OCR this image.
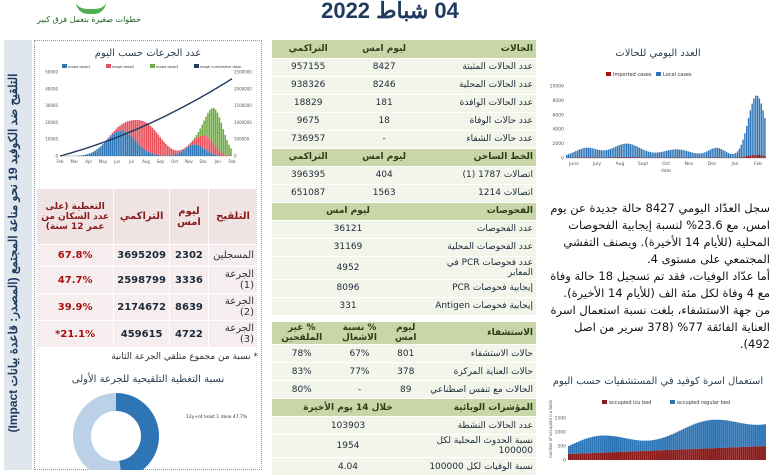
خطوات صغيرة بتعمل فرق كبير	04 شباط 2022
التلقيح ضد الكوفيد 19 نحو مناعة المجتمع (المصدر: قاعدة بيانات Impact)
عدد الجرعات حسب اليوم
moph dose1	moph dose2	moph dose3	moph cumulative dose
0
10000
20000
30000
40000
50000
0
500000
1000000
1500000
2000000
2500000
Feb Mar Apr May Jun Jul Aug Sep Oct Nov Dec Jan Feb
التلقيح	ليوم امس	التراكمي	التغطية (على عدد السكان من عمر 12 سنة)
المسجلين	2302	3695209	67.8%
الجرعة (1)	3336	2598799	47.7%
الجرعة (2)	8639	2174672	39.9%
الجرعة (3)	4722	459615	21.1%*
* نسبة من مجموع متلقي الجرعة الثانية
نسبة التغطية التلقيحية للجرعة الأولى
12y+at least 1 dose 47.7%
الحالات	ليوم امس	التراكمي
عدد الحالات المثبتة	8427	957155
عدد الحالات المحلية	8246	938326
عدد الحالات الوافدة	181	18829
عدد حالات الوفاة	18	9675
عدد حالات الشفاء	-	736957
الخط الساخن	ليوم امس	التراكمي
اتصالات 1787 (1)	404	396395
اتصالات 1214	1563	651087
الفحوصات	ليوم امس	
عدد الفحوصات	36121	
عدد الفحوصات المحلية	31169	
عدد فحوصات PCR في المعابر	4952	
إيجابية فحوصات PCR	8096	
إيجابية فحوصات Antigen	331	
الاستشفاء	ليوم امس	% نسبة الاشغال	% غير الملقحين
حالات الاستشفاء	801	67%	78%
حالات العناية المركزة	378	77%	83%
الحالات مع تنفس اصطناعي	89	-	80%
المؤشرات الوبائية	خلال 14 يوم الأخيرة		
عدد الحالات النشطة	103903		
نسبة الحدوث المحلية لكل 100000	1954		
نسبة الوفيات لكل 100000	4.04		
العدد اليومي للحالات
Imported cases Local cases
0
2000
4000
6000
8000
10000
June	July	Aug	Sept	Oct	Nov	Dec	Jan	Feb
date

سجل العدّاد اليومي 8427 حالة جديدة عن يوم امس، مع 23.6% لنسبة إيجابية الفحوصات المحلية (للأيام 14 الأخيرة). ويصنف التفشي المجتمعي على مستوى 4.

أما عدّاد الوفيات، فقد تم تسجيل 18 حالة وفاة مع 4 وفاة لكل مئة الف (للأيام 14 الأخيرة).

من جهة الاستشفاء، بلغت نسبة استعمال اسرة العناية الفائقة 77% (378 سرير من اصل 492).

استعمال اسرة كوفيد في المستشفيات حسب اليوم
occupied icu bed	occupied regular bed
0
500
1000
1500
number of occupied icu beds
